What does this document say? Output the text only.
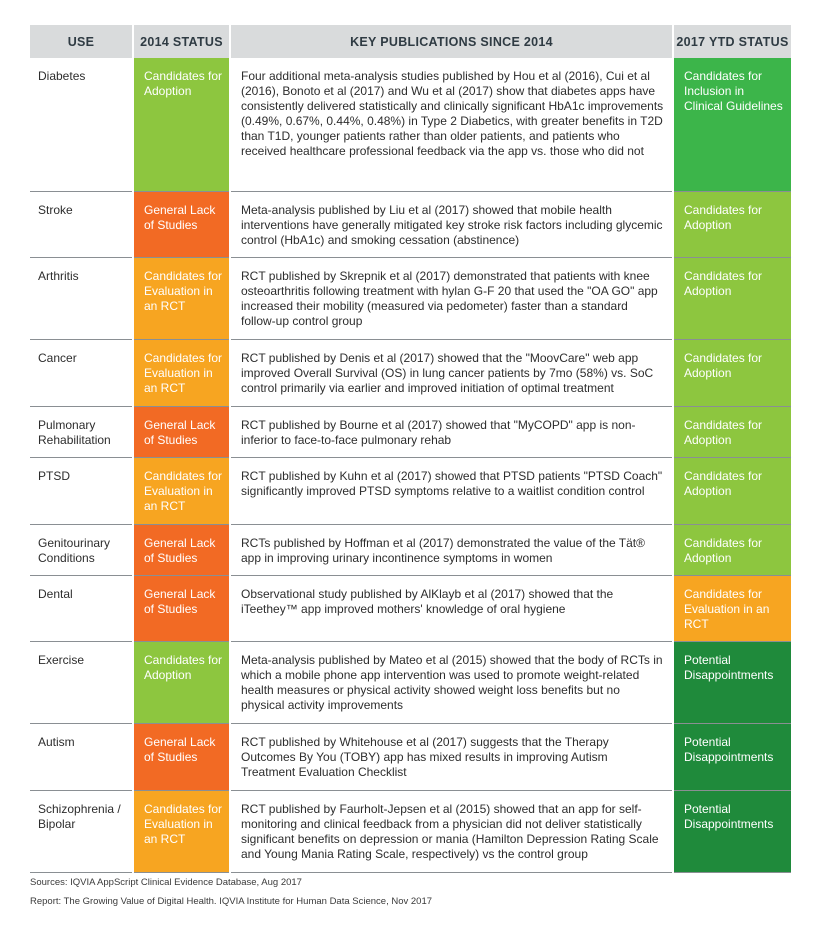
USE	2014 STATUS	KEY PUBLICATIONS SINCE 2014	2017 YTD STATUS
Diabetes	Candidates for Adoption	Four additional meta-analysis studies published by Hou et al (2016), Cui et al (2016), Bonoto et al (2017) and Wu et al (2017) show that diabetes apps have consistently delivered statistically and clinically significant HbA1c improvements (0.49%, 0.67%, 0.44%, 0.48%) in Type 2 Diabetics, with greater benefits in T2D than T1D, younger patients rather than older patients, and patients who received healthcare professional feedback via the app vs. those who did not	Candidates for Inclusion in Clinical Guidelines
Stroke	General Lack of Studies	Meta-analysis published by Liu et al (2017) showed that mobile health interventions have generally mitigated key stroke risk factors including glycemic control (HbA1c) and smoking cessation (abstinence)	Candidates for Adoption
Arthritis	Candidates for Evaluation in an RCT	RCT published by Skrepnik et al (2017) demonstrated that patients with knee osteoarthritis following treatment with hylan G-F 20 that used the "OA GO" app increased their mobility (measured via pedometer) faster than a standard follow-up control group	Candidates for Adoption
Cancer	Candidates for Evaluation in an RCT	RCT published by Denis et al (2017) showed that the "MoovCare" web app improved Overall Survival (OS) in lung cancer patients by 7mo (58%) vs. SoC control primarily via earlier and improved initiation of optimal treatment	Candidates for Adoption
Pulmonary Rehabilitation	General Lack of Studies	RCT published by Bourne et al (2017) showed that "MyCOPD" app is non-inferior to face-to-face pulmonary rehab	Candidates for Adoption
PTSD	Candidates for Evaluation in an RCT	RCT published by Kuhn et al (2017) showed that PTSD patients "PTSD Coach" significantly improved PTSD symptoms relative to a waitlist condition control	Candidates for Adoption
Genitourinary Conditions	General Lack of Studies	RCTs published by Hoffman et al (2017) demonstrated the value of the Tät® app in improving urinary incontinence symptoms in women	Candidates for Adoption
Dental	General Lack of Studies	Observational study published by AlKlayb et al (2017) showed that the iTeethey™ app improved mothers' knowledge of oral hygiene	Candidates for Evaluation in an RCT
Exercise	Candidates for Adoption	Meta-analysis published by Mateo et al (2015) showed that the body of RCTs in which a mobile phone app intervention was used to promote weight-related health measures or physical activity showed weight loss benefits but no physical activity improvements	Potential Disappointments
Autism	General Lack of Studies	RCT published by Whitehouse et al (2017) suggests that the Therapy Outcomes By You (TOBY) app has mixed results in improving Autism Treatment Evaluation Checklist	Potential Disappointments
Schizophrenia / Bipolar	Candidates for Evaluation in an RCT	RCT published by Faurholt-Jepsen et al (2015) showed that an app for self-monitoring and clinical feedback from a physician did not deliver statistically significant benefits on depression or mania (Hamilton Depression Rating Scale and Young Mania Rating Scale, respectively) vs the control group	Potential Disappointments
Sources: IQVIA AppScript Clinical Evidence Database, Aug 2017
Report: The Growing Value of Digital Health. IQVIA Institute for Human Data Science, Nov 2017
